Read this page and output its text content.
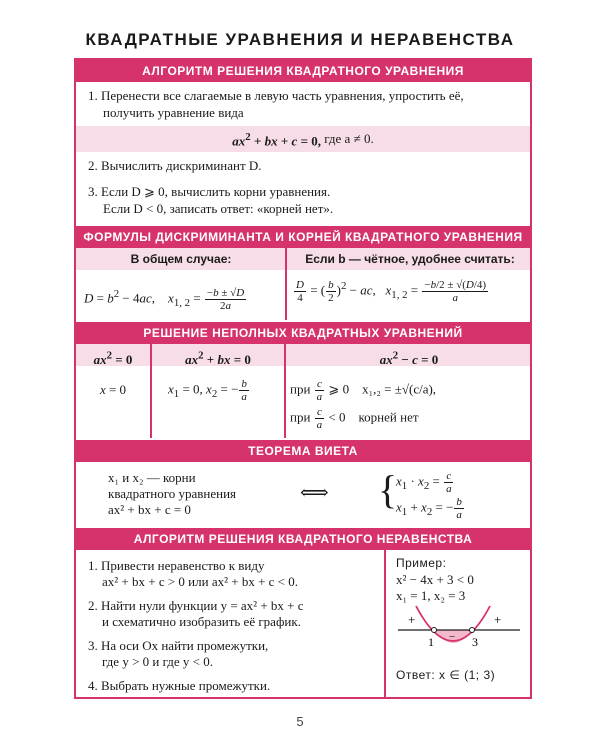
КВАДРАТНЫЕ УРАВНЕНИЯ И НЕРАВЕНСТВА
АЛГОРИТМ РЕШЕНИЯ КВАДРАТНОГО УРАВНЕНИЯ
1. Перенести все слагаемые в левую часть уравнения, упростить её,
получить уравнение вида
$ax^2$ + bx + c = 0,
где a ≠ 0.
2. Вычислить дискриминант D.
3. Если D ⩾ 0, вычислить корни уравнения.
Если D < 0, записать ответ: «корней нет».
ФОРМУЛЫ ДИСКРИМИНАНТА И КОРНЕЙ КВАДРАТНОГО УРАВНЕНИЯ
В общем случае:	Если b — чётное, удобнее считать:
$D = b^2 - 4ac$,    $x_{1, 2} = \frac{-b \pm √D}{2a}$	$\frac{D}{4}$ = ( $\frac{b}{2} )^2$ − ac,   $x_{1, 2} = \frac{-b/2 \pm √(D/4)}{a}$
РЕШЕНИЕ НЕПОЛНЫХ КВАДРАТНЫХ УРАВНЕНИЙ
$ax^2 = 0$	$ax^2$ + bx = 0	$ax^2 - c = 0$
x = 0	$x_1 = 0$, $x_2$ = − $\frac{b}{a}$	при $\frac{c}{a}$ ⩾ 0    x₁,₂ = ±√(c/a),
при $\frac{c}{a} < 0$    корней нет
ТЕОРЕМА ВИЕТА
x₁ и x₂ — корни
квадратного уравнения
ax² + bx + c = 0
⟺ {
$x_1 \cdot x_2 = \frac{c}{a}$
$x_1 + x_2$ = − $\frac{b}{a}$
АЛГОРИТМ РЕШЕНИЯ КВАДРАТНОГО НЕРАВЕНСТВА
1. Привести неравенство к виду
ax² + bx + c > 0 или ax² + bx + c < 0.
2. Найти нули функции y = ax² + bx + c
и схематично изобразить её график.
3. На оси Ox найти промежутки,
где y > 0 и где y < 0.
4. Выбрать нужные промежутки.
Пример:
x² − 4x + 3 < 0
x₁ = 1, x₂ = 3
+	+
−
1	3
Ответ: x ∈ (1; 3)
5
